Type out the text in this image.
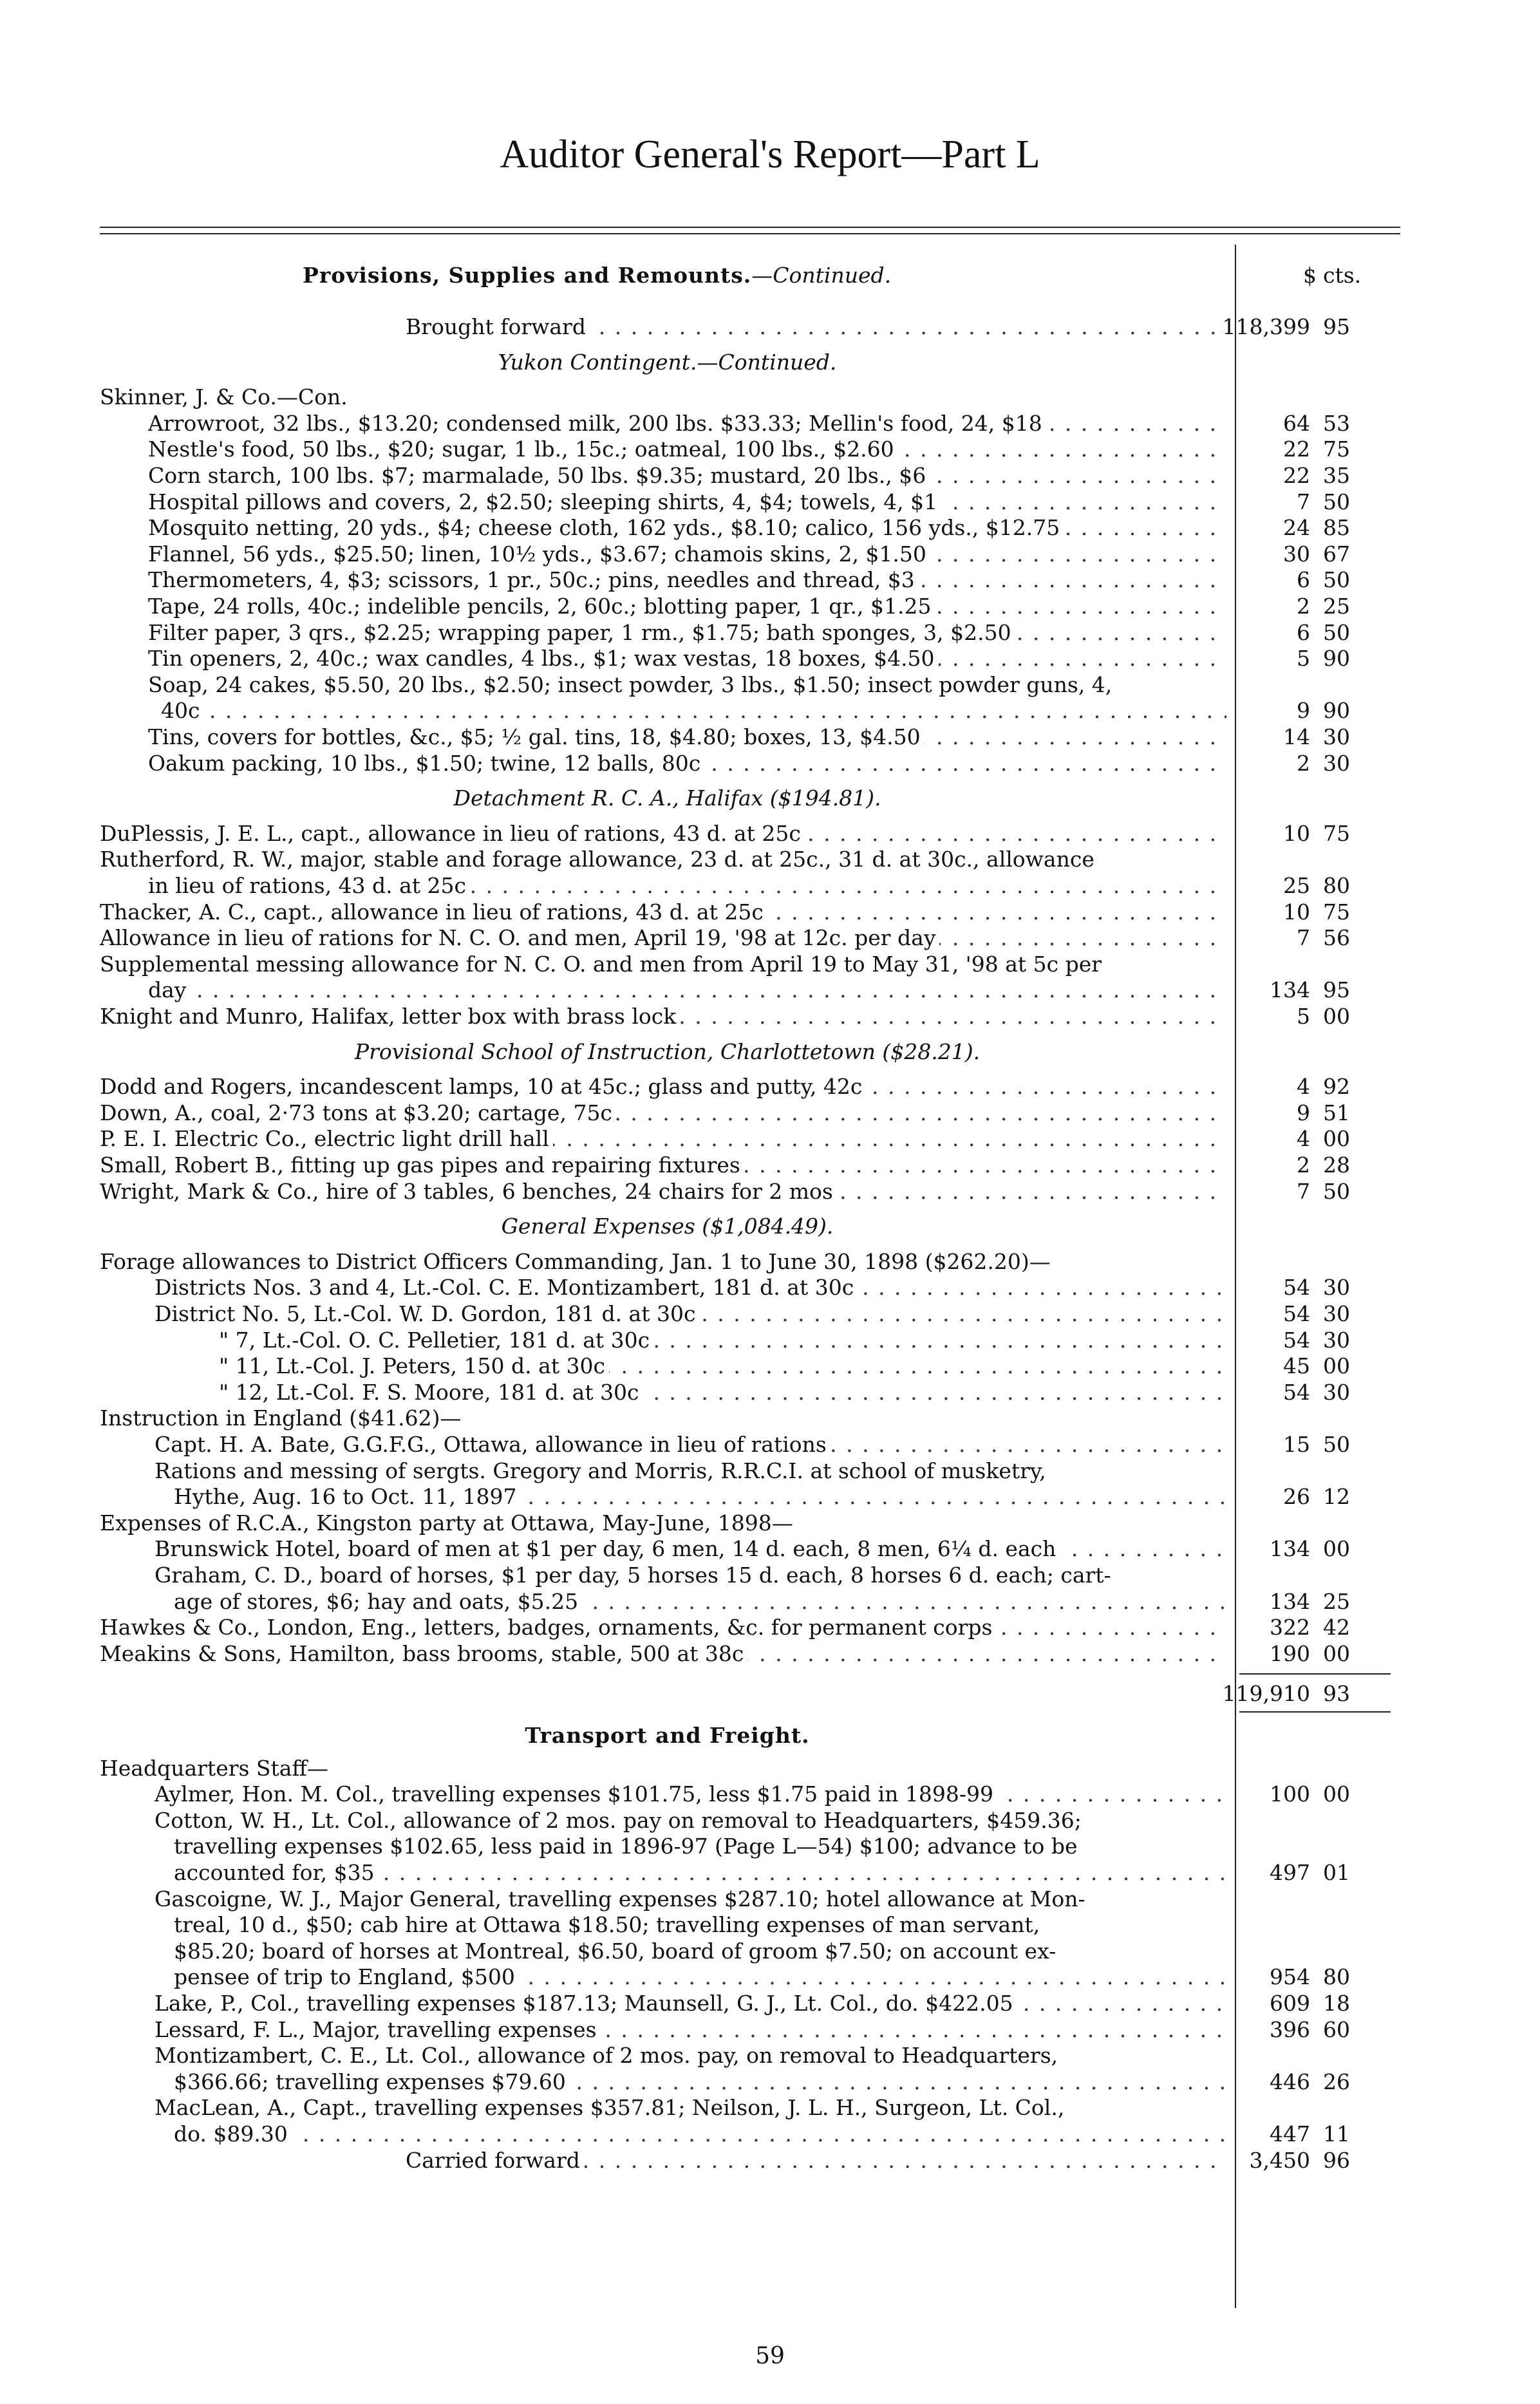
Auditor General's Report—Part L
Provisions, Supplies and Remounts.—Continued.	$ cts.
Brought forward . . .	118,399 95
Yukon Contingent.—Continued.
Skinner, J. & Co.—Con.
Arrowroot, 32 lbs., $13.20; condensed milk, 200 lbs. $33.33; Mellin's food, 24, $18 . . .	64 53
Nestle's food, 50 lbs., $20; sugar, 1 lb., 15c.; oatmeal, 100 lbs., $2.60 . . .	22 75
Corn starch, 100 lbs. $7; marmalade, 50 lbs. $9.35; mustard, 20 lbs., $6 . . .	22 35
Hospital pillows and covers, 2, $2.50; sleeping shirts, 4, $4; towels, 4, $1 . . .	7 50
Mosquito netting, 20 yds., $4; cheese cloth, 162 yds., $8.10; calico, 156 yds., $12.75 . . .	24 85
Flannel, 56 yds., $25.50; linen, 10½ yds., $3.67; chamois skins, 2, $1.50 . . .	30 67
Thermometers, 4, $3; scissors, 1 pr., 50c.; pins, needles and thread, $3 . . .	6 50
Tape, 24 rolls, 40c.; indelible pencils, 2, 60c.; blotting paper, 1 qr., $1.25 . . .	2 25
Filter paper, 3 qrs., $2.25; wrapping paper, 1 rm., $1.75; bath sponges, 3, $2.50 . . .	6 50
Tin openers, 2, 40c.; wax candles, 4 lbs., $1; wax vestas, 18 boxes, $4.50 . . .	5 90
Soap, 24 cakes, $5.50, 20 lbs., $2.50; insect powder, 3 lbs., $1.50; insect powder guns, 4,
40c . . .	9 90
Tins, covers for bottles, &c., $5; ½ gal. tins, 18, $4.80; boxes, 13, $4.50 . . .	14 30
Oakum packing, 10 lbs., $1.50; twine, 12 balls, 80c . . .	2 30
Detachment R. C. A., Halifax ($194.81).
DuPlessis, J. E. L., capt., allowance in lieu of rations, 43 d. at 25c . . .	10 75
Rutherford, R. W., major, stable and forage allowance, 23 d. at 25c., 31 d. at 30c., allowance
in lieu of rations, 43 d. at 25c . . .	25 80
Thacker, A. C., capt., allowance in lieu of rations, 43 d. at 25c . . .	10 75
Allowance in lieu of rations for N. C. O. and men, April 19, '98 at 12c. per day . . .	7 56
Supplemental messing allowance for N. C. O. and men from April 19 to May 31, '98 at 5c per
day . . .	134 95
Knight and Munro, Halifax, letter box with brass lock . . .	5 00
Provisional School of Instruction, Charlottetown ($28.21).
Dodd and Rogers, incandescent lamps, 10 at 45c.; glass and putty, 42c . . .	4 92
Down, A., coal, 2·73 tons at $3.20; cartage, 75c . . .	9 51
P. E. I. Electric Co., electric light drill hall . . .	4 00
Small, Robert B., fitting up gas pipes and repairing fixtures . . .	2 28
Wright, Mark & Co., hire of 3 tables, 6 benches, 24 chairs for 2 mos . . .	7 50
General Expenses ($1,084.49).
Forage allowances to District Officers Commanding, Jan. 1 to June 30, 1898 ($262.20)—
Districts Nos. 3 and 4, Lt.-Col. C. E. Montizambert, 181 d. at 30c . . .	54 30
District No. 5, Lt.-Col. W. D. Gordon, 181 d. at 30c . . .	54 30
" 7, Lt.-Col. O. C. Pelletier, 181 d. at 30c . . .	54 30
" 11, Lt.-Col. J. Peters, 150 d. at 30c . . .	45 00
" 12, Lt.-Col. F. S. Moore, 181 d. at 30c . . .	54 30
Instruction in England ($41.62)—
Capt. H. A. Bate, G.G.F.G., Ottawa, allowance in lieu of rations . . .	15 50
Rations and messing of sergts. Gregory and Morris, R.R.C.I. at school of musketry,
Hythe, Aug. 16 to Oct. 11, 1897 . . .	26 12
Expenses of R.C.A., Kingston party at Ottawa, May-June, 1898—
Brunswick Hotel, board of men at $1 per day, 6 men, 14 d. each, 8 men, 6¼ d. each . . .	134 00
Graham, C. D., board of horses, $1 per day, 5 horses 15 d. each, 8 horses 6 d. each; cart-
age of stores, $6; hay and oats, $5.25 . . .	134 25
Hawkes & Co., London, Eng., letters, badges, ornaments, &c. for permanent corps . . .	322 42
Meakins & Sons, Hamilton, bass brooms, stable, 500 at 38c . . .	190 00
119,910 93
Transport and Freight.
Headquarters Staff—
Aylmer, Hon. M. Col., travelling expenses $101.75, less $1.75 paid in 1898-99 . . .	100 00
Cotton, W. H., Lt. Col., allowance of 2 mos. pay on removal to Headquarters, $459.36;
travelling expenses $102.65, less paid in 1896-97 (Page L—54) $100; advance to be
accounted for, $35 . . .	497 01
Gascoigne, W. J., Major General, travelling expenses $287.10; hotel allowance at Mon-
treal, 10 d., $50; cab hire at Ottawa $18.50; travelling expenses of man servant,
$85.20; board of horses at Montreal, $6.50, board of groom $7.50; on account ex-
pensee of trip to England, $500 . . .	954 80
Lake, P., Col., travelling expenses $187.13; Maunsell, G. J., Lt. Col., do. $422.05 . . .	609 18
Lessard, F. L., Major, travelling expenses . . .	396 60
Montizambert, C. E., Lt. Col., allowance of 2 mos. pay, on removal to Headquarters,
$366.66; travelling expenses $79.60 . . .	446 26
MacLean, A., Capt., travelling expenses $357.81; Neilson, J. L. H., Surgeon, Lt. Col.,
do. $89.30 . . .	447 11
Carried forward . . .	3,450 96
59
